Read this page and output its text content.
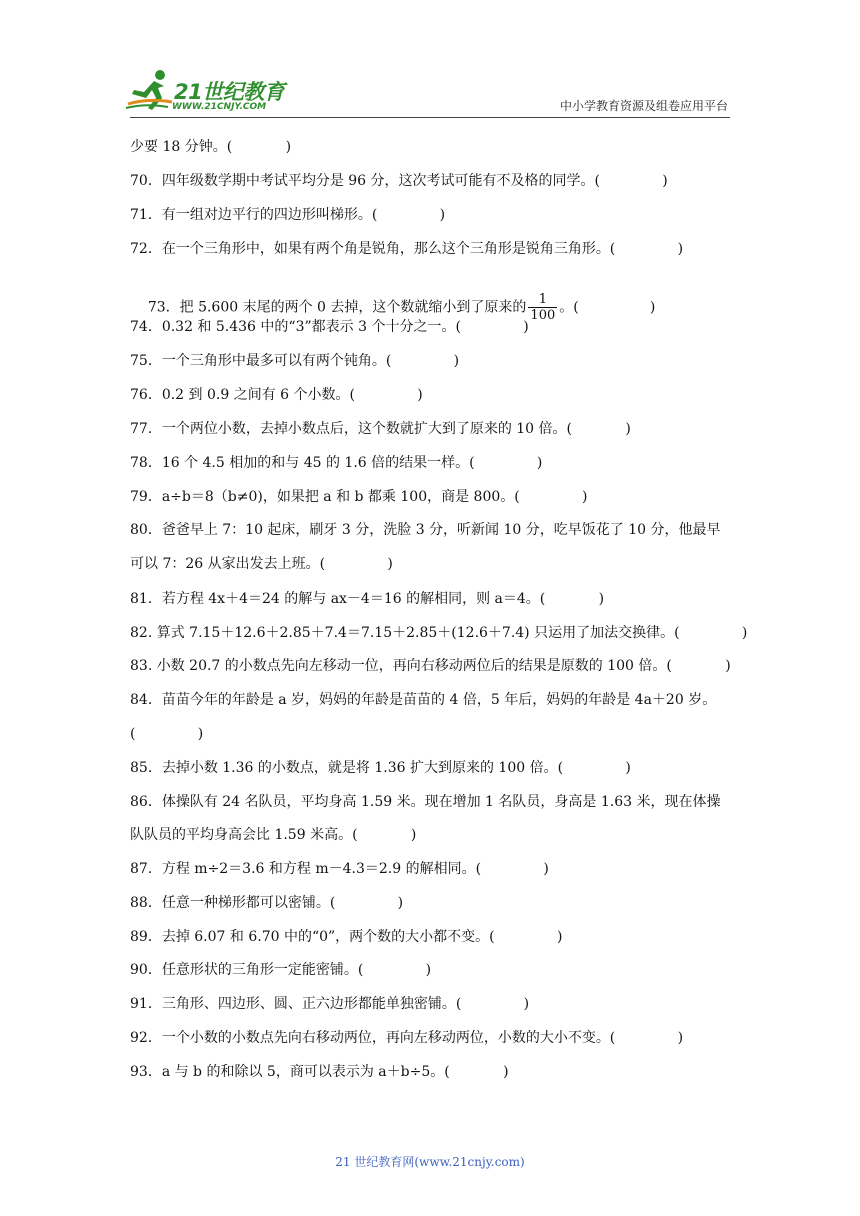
21世纪教育
WWW.21CNJY.COM	中小学教育资源及组卷应用平台
少要 18 分钟。(            )
70．四年级数学期中考试平均分是 96 分，这次考试可能有不及格的同学。(              )
71．有一组对边平行的四边形叫梯形。(              )
72．在一个三角形中，如果有两个角是锐角，那么这个三角形是锐角三角形。(              )

73．把 5.600 末尾的两个 0 去掉，这个数就缩小到了原来的 $\frac{1}{100}$ 。(                )

74．0.32 和 5.436 中的“3”都表示 3 个十分之一。(              )
75．一个三角形中最多可以有两个钝角。(              )
76．0.2 到 0.9 之间有 6 个小数。(              )
77．一个两位小数，去掉小数点后，这个数就扩大到了原来的 10 倍。(            )
78．16 个 4.5 相加的和与 45 的 1.6 倍的结果一样。(              )
79．a÷b＝8（b≠0)，如果把 a 和 b 都乘 100，商是 800。(              )
80．爸爸早上 7：10 起床，刷牙 3 分，洗脸 3 分，听新闻 10 分，吃早饭花了 10 分，他最早
可以 7：26 从家出发去上班。(              )
81．若方程 4x＋4＝24 的解与 ax－4＝16 的解相同，则 a＝4。(            )
82. 算式 7.15＋12.6＋2.85＋7.4＝7.15＋2.85＋(12.6＋7.4) 只运用了加法交换律。(              )
83. 小数 20.7 的小数点先向左移动一位，再向右移动两位后的结果是原数的 100 倍。(            )
84．苗苗今年的年龄是 a 岁，妈妈的年龄是苗苗的 4 倍，5 年后，妈妈的年龄是 4a＋20 岁。
(              )
85．去掉小数 1.36 的小数点，就是将 1.36 扩大到原来的 100 倍。(              )
86．体操队有 24 名队员，平均身高 1.59 米。现在增加 1 名队员，身高是 1.63 米，现在体操
队队员的平均身高会比 1.59 米高。(            )
87．方程 m÷2＝3.6 和方程 m－4.3＝2.9 的解相同。(              )
88．任意一种梯形都可以密铺。(              )
89．去掉 6.07 和 6.70 中的“0”，两个数的大小都不变。(              )
90．任意形状的三角形一定能密铺。(              )
91．三角形、四边形、圆、正六边形都能单独密铺。(              )
92．一个小数的小数点先向右移动两位，再向左移动两位，小数的大小不变。(              )
93．a 与 b 的和除以 5，商可以表示为 a＋b÷5。(            )
21 世纪教育网(www.21cnjy.com)
